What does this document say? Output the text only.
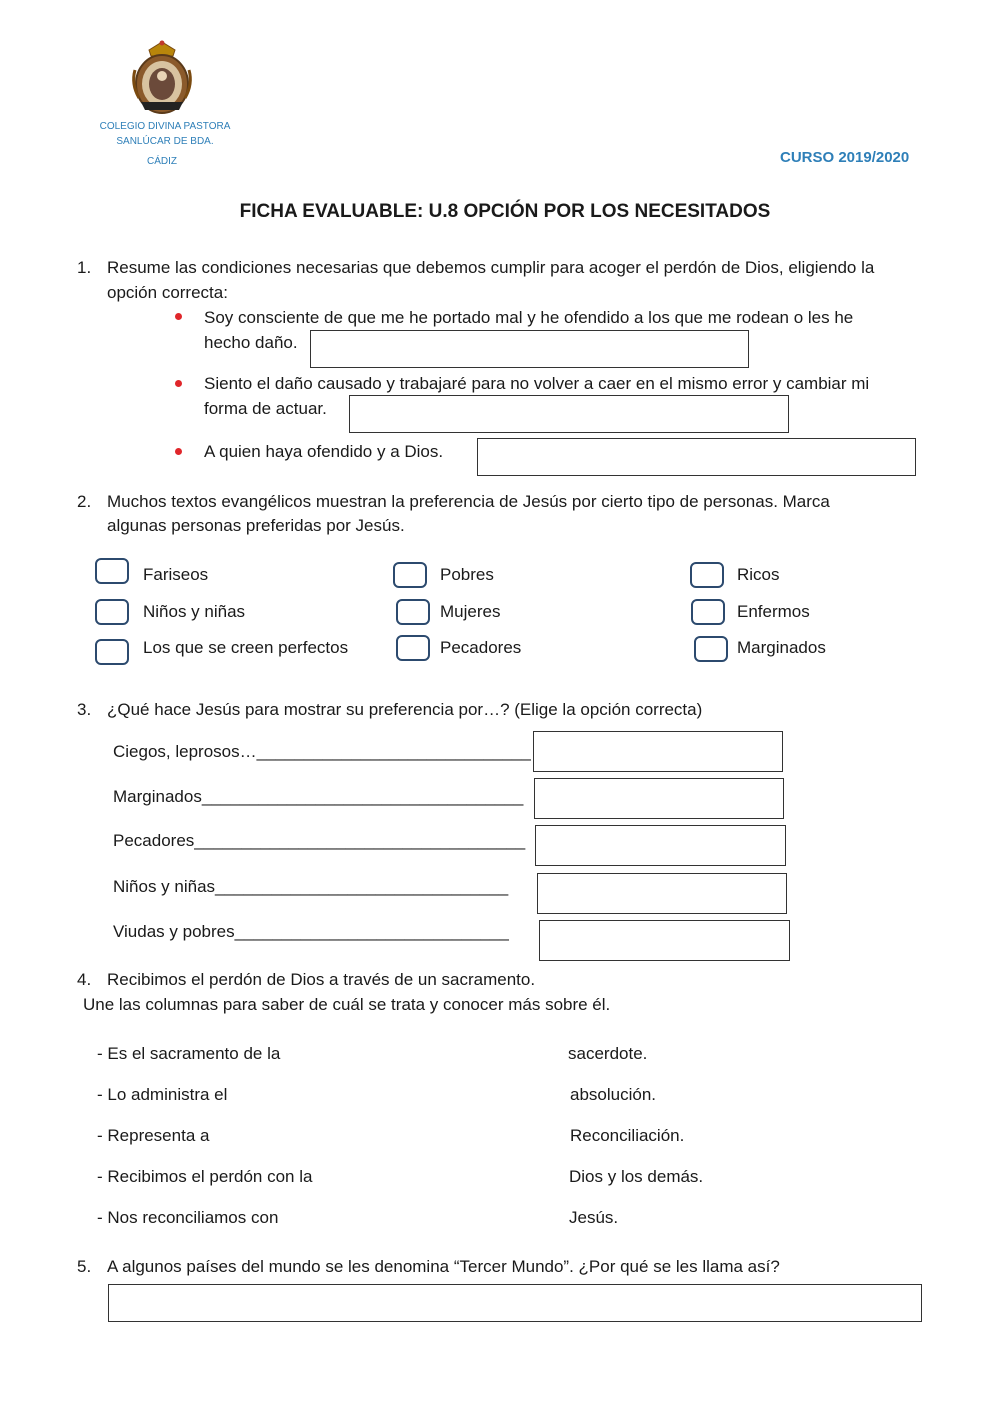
COLEGIO DIVINA PASTORA
SANLÚCAR DE BDA.
CÁDIZ	CURSO 2019/2020
FICHA EVALUABLE: U.8 OPCIÓN POR LOS NECESITADOS
1. Resume las condiciones necesarias que debemos cumplir para acoger el perdón de Dios, eligiendo la
opción correcta:
Soy consciente de que me he portado mal y he ofendido a los que me rodean o les he
hecho daño.
Siento el daño causado y trabajaré para no volver a caer en el mismo error y cambiar mi
forma de actuar.
A quien haya ofendido y a Dios.
2. Muchos textos evangélicos muestran la preferencia de Jesús por cierto tipo de personas. Marca
algunas personas preferidas por Jesús.
Fariseos	Pobres	Ricos
Niños y niñas	Mujeres	Enfermos
Los que se creen perfectos	Pecadores	Marginados
3. ¿Qué hace Jesús para mostrar su preferencia por…? (Elige la opción correcta)
Ciegos, leprosos…_____________________________
Marginados__________________________________
Pecadores___________________________________
Niños y niñas_______________________________
Viudas y pobres_____________________________
4. Recibimos el perdón de Dios a través de un sacramento.
Une las columnas para saber de cuál se trata y conocer más sobre él.
- Es el sacramento de la	sacerdote.
- Lo administra el	absolución.
- Representa a	Reconciliación.
- Recibimos el perdón con la	Dios y los demás.
- Nos reconciliamos con	Jesús.
5. A algunos países del mundo se les denomina “Tercer Mundo”. ¿Por qué se les llama así?
